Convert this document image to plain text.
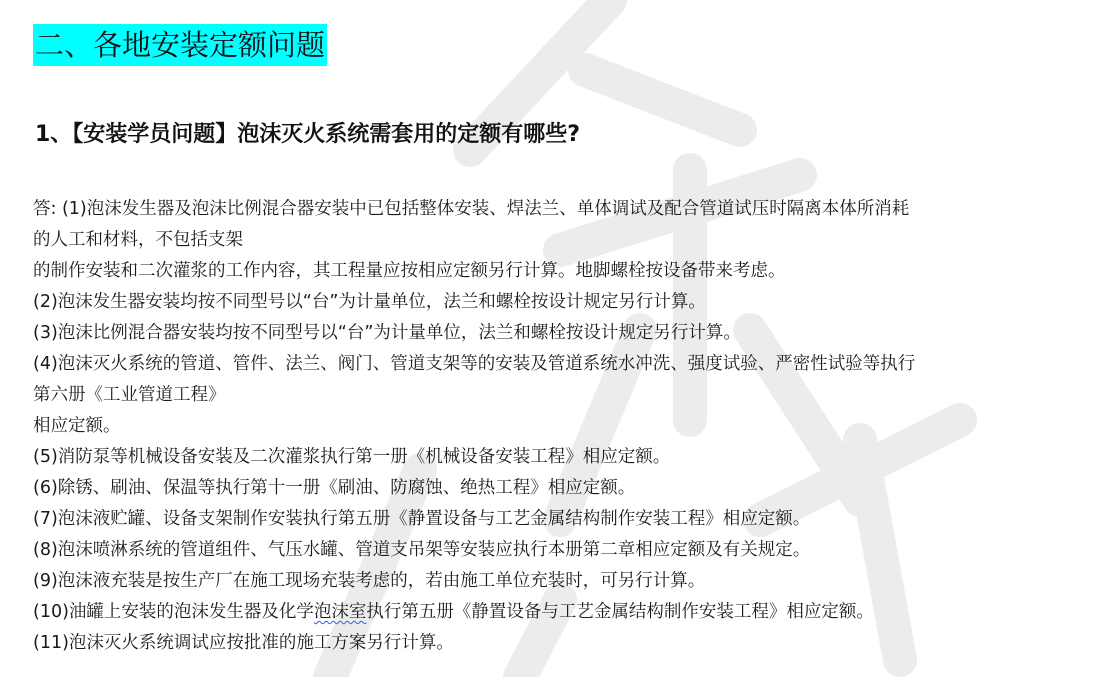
二、各地安装定额问题
1、【安装学员问题】泡沫灭火系统需套用的定额有哪些?

答: (1)泡沫发生器及泡沫比例混合器安装中已包括整体安装、焊法兰、单体调试及配合管道试压时隔离本体所消耗

的人工和材料，不包括支架

的制作安装和二次灌浆的工作内容，其工程量应按相应定额另行计算。地脚螺栓按设备带来考虑。

(2)泡沫发生器安装均按不同型号以“台”为计量单位，法兰和螺栓按设计规定另行计算。

(3)泡沫比例混合器安装均按不同型号以“台”为计量单位，法兰和螺栓按设计规定另行计算。

(4)泡沫灭火系统的管道、管件、法兰、阀门、管道支架等的安装及管道系统水冲洗、强度试验、严密性试验等执行

第六册《工业管道工程》

相应定额。

(5)消防泵等机械设备安装及二次灌浆执行第一册《机械设备安装工程》相应定额。

(6)除锈、刷油、保温等执行第十一册《刷油、防腐蚀、绝热工程》相应定额。

(7)泡沫液贮罐、设备支架制作安装执行第五册《静置设备与工艺金属结构制作安装工程》相应定额。

(8)泡沫喷淋系统的管道组件、气压水罐、管道支吊架等安装应执行本册第二章相应定额及有关规定。

(9)泡沫液充装是按生产厂在施工现场充装考虑的，若由施工单位充装时，可另行计算。

(10)油罐上安装的泡沫发生器及化学泡沫室执行第五册《静置设备与工艺金属结构制作安装工程》相应定额。

(11)泡沫灭火系统调试应按批准的施工方案另行计算。
